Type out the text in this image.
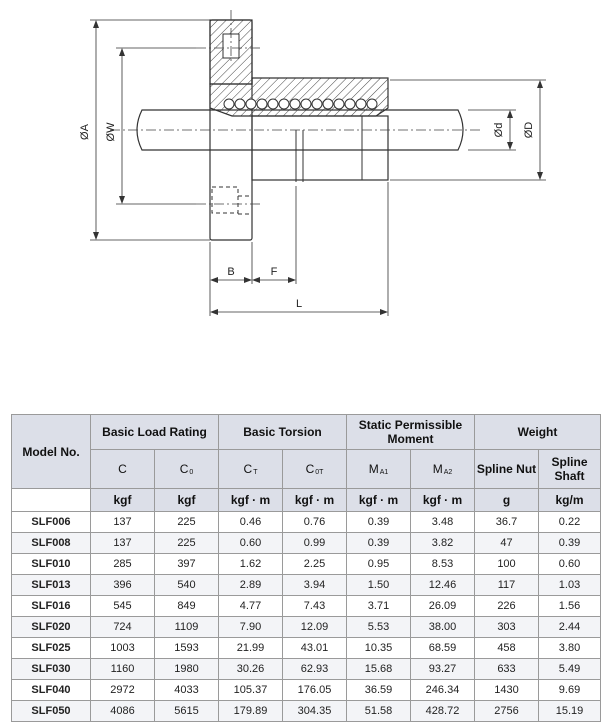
ØA ØW	Ød ØD
B	F
L
Model No.	Basic Load Rating		Basic Torsion		Static Permissible Moment		Weight	
	C	C0	CT	C0T	MA1	MA2	Spline Nut	Spline Shaft
	kgf	kgf	kgf · m	kgf · m	kgf · m	kgf · m	g	kg/m
SLF006	137	225	0.46	0.76	0.39	3.48	36.7	0.22
SLF008	137	225	0.60	0.99	0.39	3.82	47	0.39
SLF010	285	397	1.62	2.25	0.95	8.53	100	0.60
SLF013	396	540	2.89	3.94	1.50	12.46	117	1.03
SLF016	545	849	4.77	7.43	3.71	26.09	226	1.56
SLF020	724	1109	7.90	12.09	5.53	38.00	303	2.44
SLF025	1003	1593	21.99	43.01	10.35	68.59	458	3.80
SLF030	1160	1980	30.26	62.93	15.68	93.27	633	5.49
SLF040	2972	4033	105.37	176.05	36.59	246.34	1430	9.69
SLF050	4086	5615	179.89	304.35	51.58	428.72	2756	15.19
